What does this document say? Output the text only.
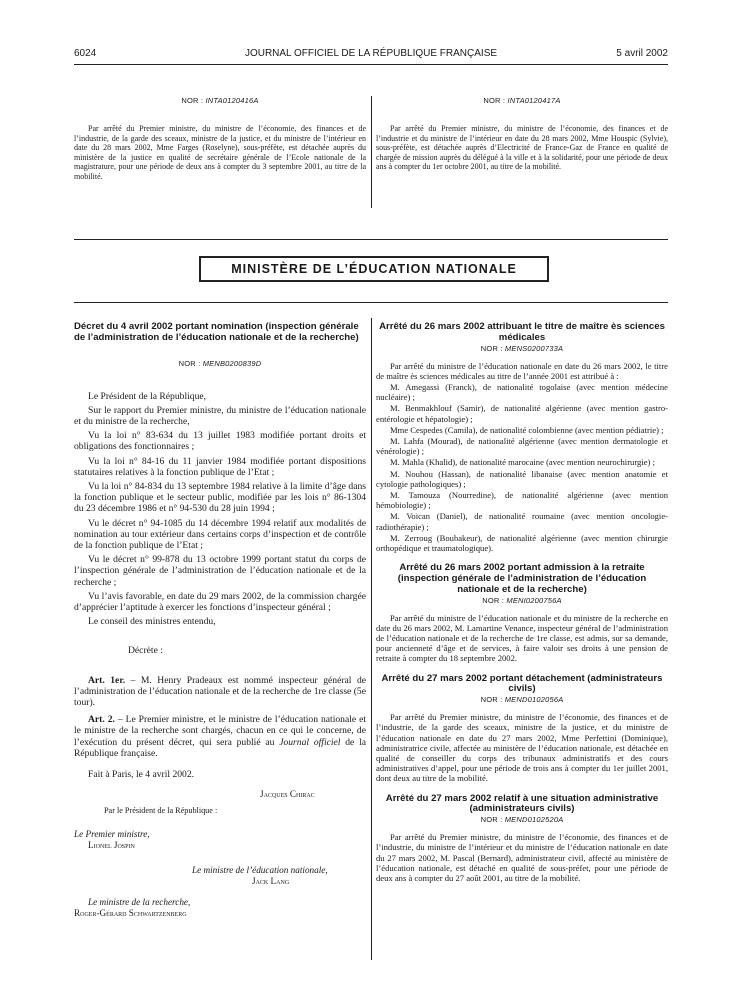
6024	JOURNAL OFFICIEL DE LA RÉPUBLIQUE FRANÇAISE	5 avril 2002
NOR : INTA0120416A

Par arrêté du Premier ministre, du ministre de l’économie, des finances et de l’industrie, de la garde des sceaux, ministre de la justice, et du ministre de l’intérieur en date du 28 mars 2002, Mme Farges (Roselyne), sous-préfète, est détachée auprès du ministère de la justice en qualité de secrétaire générale de l’Ecole nationale de la magistrature, pour une période de deux ans à compter du 3 septembre 2001, au titre de la mobilité.

NOR : INTA0120417A

Par arrêté du Premier ministre, du ministre de l’économie, des finances et de l’industrie et du ministre de l’intérieur en date du 28 mars 2002, Mme Houspic (Sylvie), sous-préfète, est détachée auprès d’Electricité de France-Gaz de France en qualité de chargée de mission auprès du délégué à la ville et à la solidarité, pour une période de deux ans à compter du 1er octobre 2001, au titre de la mobilité.

MINISTÈRE DE L’ÉDUCATION NATIONALE
Décret du 4 avril 2002 portant nomination (inspection générale de l’administration de l’éducation nationale et de la recherche)
NOR : MENB0200839D

Le Président de la République,

Sur le rapport du Premier ministre, du ministre de l’éducation nationale et du ministre de la recherche,

Vu la loi n° 83-634 du 13 juillet 1983 modifiée portant droits et obligations des fonctionnaires ;

Vu la loi n° 84-16 du 11 janvier 1984 modifiée portant dispositions statutaires relatives à la fonction publique de l’Etat ;

Vu la loi n° 84-834 du 13 septembre 1984 relative à la limite d’âge dans la fonction publique et le secteur public, modifiée par les lois n° 86-1304 du 23 décembre 1986 et n° 94-530 du 28 juin 1994 ;

Vu le décret n° 94-1085 du 14 décembre 1994 relatif aux modalités de nomination au tour extérieur dans certains corps d’inspection et de contrôle de la fonction publique de l’Etat ;

Vu le décret n° 99-878 du 13 octobre 1999 portant statut du corps de l’inspection générale de l’administration de l’éducation nationale et de la recherche ;

Vu l’avis favorable, en date du 29 mars 2002, de la commission chargée d’apprécier l’aptitude à exercer les fonctions d’inspecteur général ;

Le conseil des ministres entendu,

Décrète :

Art. 1er. – M. Henry Pradeaux est nommé inspecteur général de l’administration de l’éducation nationale et de la recherche de 1re classe (5e tour).

Art. 2. – Le Premier ministre, et le ministre de l’éducation nationale et le ministre de la recherche sont chargés, chacun en ce qui le concerne, de l’exécution du présent décret, qui sera publié au Journal officiel de la République française.

Fait à Paris, le 4 avril 2002.

Jacques Chirac
Par le Président de la République :
Le Premier ministre,
Lionel Jospin
Le ministre de l’éducation nationale,
Jack Lang
Le ministre de la recherche,
Roger-Gérard Schwartzenberg
Arrêté du 26 mars 2002 attribuant le titre de maître ès sciences médicales
NOR : MENS0200733A

Par arrêté du ministre de l’éducation nationale en date du 26 mars 2002, le titre de maître ès sciences médicales au titre de l’année 2001 est attribué à :

M. Amegassi (Franck), de nationalité togolaise (avec mention médecine nucléaire) ;

M. Benmakhlouf (Samir), de nationalité algérienne (avec mention gastro-entérologie et hépatologie) ;

Mme Cespedes (Camila), de nationalité colombienne (avec mention pédiatrie) ;

M. Lahfa (Mourad), de nationalité algérienne (avec mention dermatologie et vénérologie) ;

M. Mahla (Khalid), de nationalité marocaine (avec mention neurochirurgie) ;

M. Nouhou (Hassan), de nationalité libanaise (avec mention anatomie et cytologie pathologiques) ;

M. Tamouza (Nourredine), de nationalité algérienne (avec mention hémobiologie) ;

M. Voican (Daniel), de nationalité roumaine (avec mention oncologie-radiothérapie) ;

M. Zerroug (Boubakeur), de nationalité algérienne (avec mention chirurgie orthopédique et traumatologique).

Arrêté du 26 mars 2002 portant admission à la retraite (inspection générale de l’administration de l’éducation nationale et de la recherche)
NOR : MENI0200756A

Par arrêté du ministre de l’éducation nationale et du ministre de la recherche en date du 26 mars 2002, M. Lamartine Venance, inspecteur général de l’administration de l’éducation nationale et de la recherche de 1re classe, est admis, sur sa demande, pour ancienneté d’âge et de services, à faire valoir ses droits à une pension de retraite à compter du 18 septembre 2002.

Arrêté du 27 mars 2002 portant détachement (administrateurs civils)
NOR : MEND0102056A

Par arrêté du Premier ministre, du ministre de l’économie, des finances et de l’industrie, de la garde des sceaux, ministre de la justice, et du ministre de l’éducation nationale en date du 27 mars 2002, Mme Perfettini (Dominique), administratrice civile, affectée au ministère de l’éducation nationale, est détachée en qualité de conseiller du corps des tribunaux administratifs et des cours administratives d’appel, pour une période de trois ans à compter du 1er juillet 2001, dont deux au titre de la mobilité.

Arrêté du 27 mars 2002 relatif à une situation administrative (administrateurs civils)
NOR : MEND0102520A

Par arrêté du Premier ministre, du ministre de l’économie, des finances et de l’industrie, du ministre de l’intérieur et du ministre de l’éducation nationale en date du 27 mars 2002, M. Pascal (Bernard), administrateur civil, affecté au ministère de l’éducation nationale, est détaché en qualité de sous-préfet, pour une période de deux ans à compter du 27 août 2001, au titre de la mobilité.
